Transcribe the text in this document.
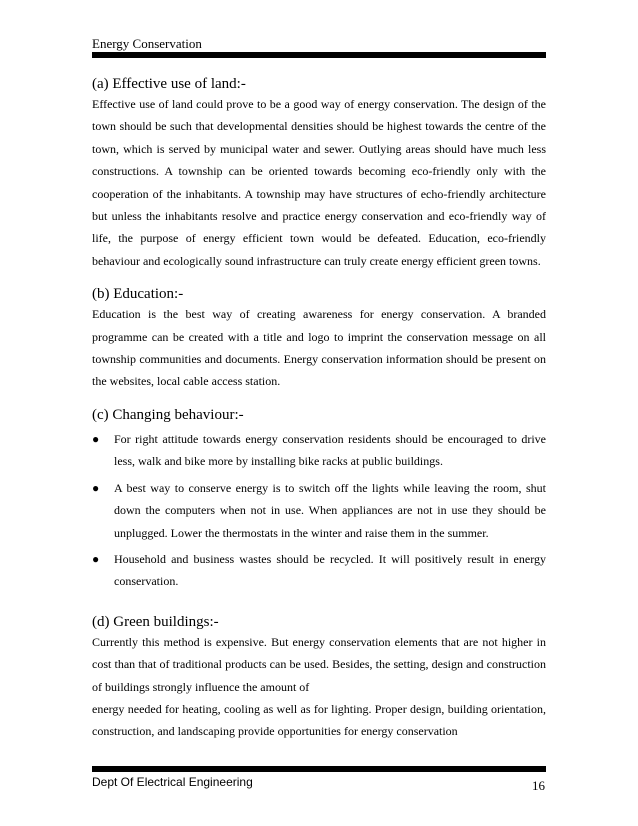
Energy Conservation
(a) Effective use of land:-

Effective use of land could prove to be a good way of energy conservation. The design of the town should be such that developmental densities should be highest towards the centre of the town, which is served by municipal water and sewer. Outlying areas should have much less constructions. A township can be oriented towards becoming eco-friendly only with the cooperation of the inhabitants. A township may have structures of echo-friendly architecture but unless the inhabitants resolve and practice energy conservation and eco-friendly way of life, the purpose of energy efficient town would be defeated. Education, eco-friendly behaviour and ecologically sound infrastructure can truly create energy efficient green towns.

(b) Education:-

Education is the best way of creating awareness for energy conservation. A branded programme can be created with a title and logo to imprint the conservation message on all township communities and documents. Energy conservation information should be present on the websites, local cable access station.

(c) Changing behaviour:-
● For right attitude towards energy conservation residents should be encouraged to drive less, walk and bike more by installing bike racks at public buildings.
● A best way to conserve energy is to switch off the lights while leaving the room, shut down the computers when not in use. When appliances are not in use they should be unplugged. Lower the thermostats in the winter and raise them in the summer.
● Household and business wastes should be recycled. It will positively result in energy conservation.
(d) Green buildings:-

Currently this method is expensive. But energy conservation elements that are not higher in cost than that of traditional products can be used. Besides, the setting, design and construction of buildings strongly influence the amount of

energy needed for heating, cooling as well as for lighting. Proper design, building orientation, construction, and landscaping provide opportunities for energy conservation

Dept Of Electrical Engineering	16
